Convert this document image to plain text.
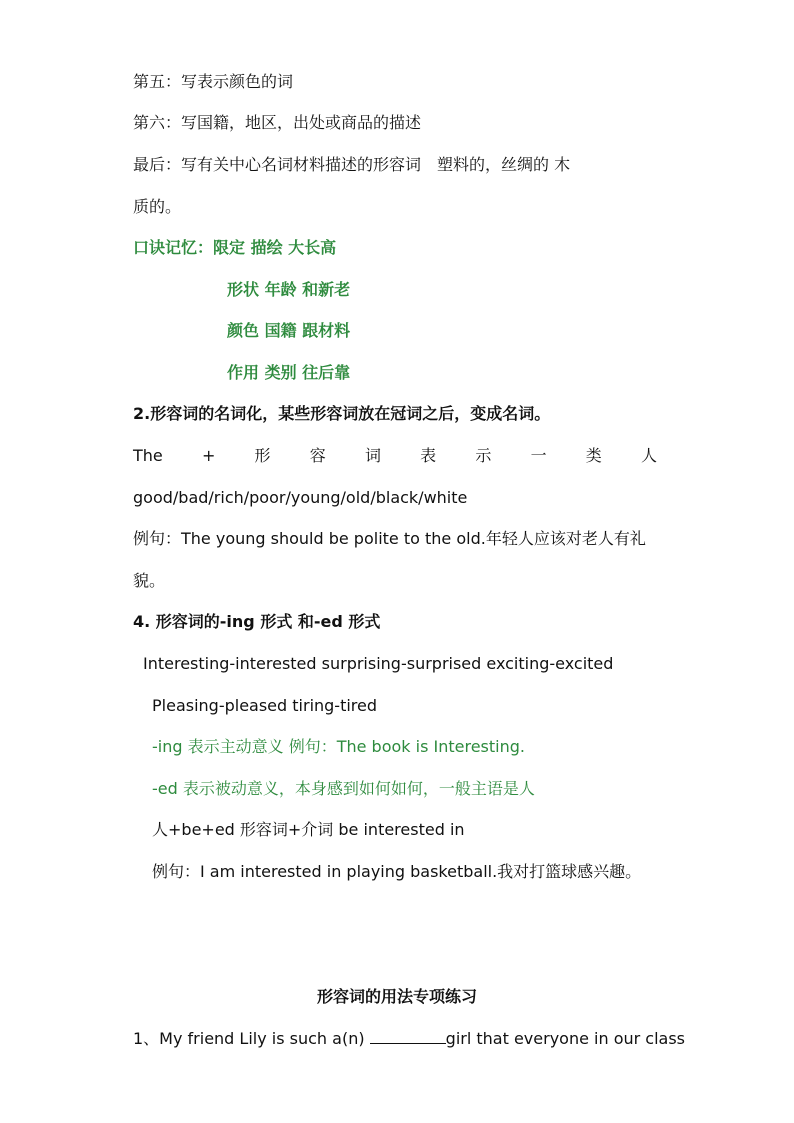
第五：写表示颜色的词
第六：写国籍，地区，出处或商品的描述
最后：写有关中心名词材料描述的形容词　塑料的，丝绸的 木
质的。
口诀记忆：限定 描绘 大长高
形状 年龄 和新老
颜色 国籍 跟材料
作用 类别 往后靠
2.形容词的名词化，某些形容词放在冠词之后，变成名词。
The + 形 容 词 表 示 一 类 人
good/bad/rich/poor/young/old/black/white
例句：The young should be polite to the old.年轻人应该对老人有礼
貌。
4. 形容词的-ing 形式 和-ed 形式
Interesting-interested surprising-surprised exciting-excited
Pleasing-pleased tiring-tired
-ing 表示主动意义 例句：The book is Interesting.
-ed 表示被动意义，本身感到如何如何，一般主语是人
人+be+ed 形容词+介词 be interested in
例句：I am interested in playing basketball.我对打篮球感兴趣。
形容词的用法专项练习
1、My friend Lily is such a(n)	girl that everyone in our class
